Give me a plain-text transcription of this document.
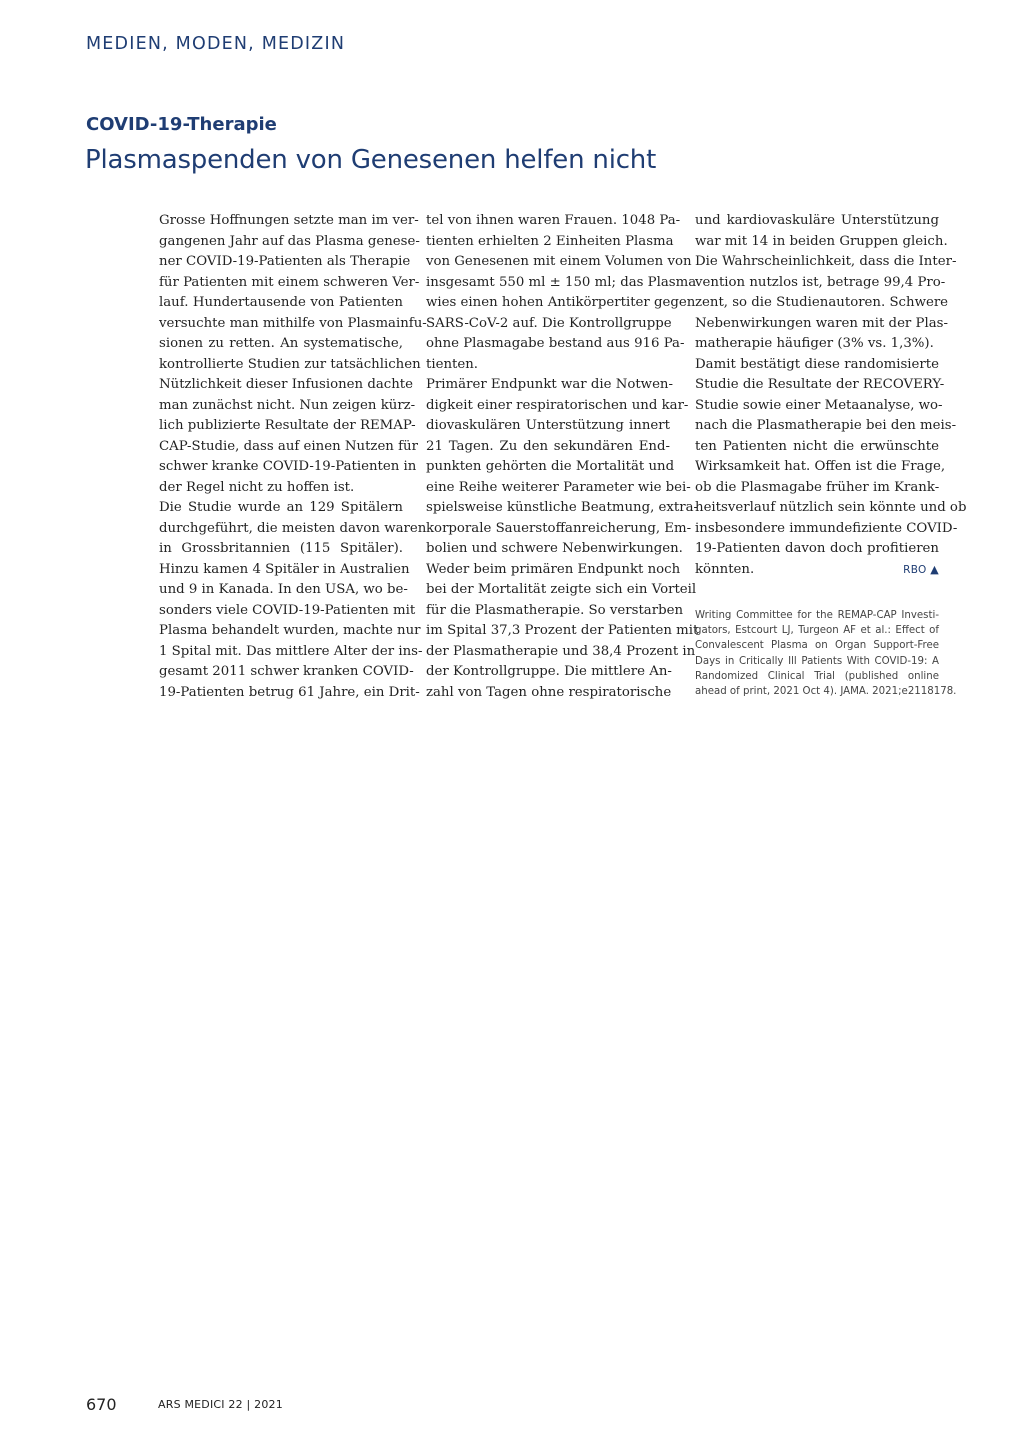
MEDIEN, MODEN, MEDIZIN
COVID-19-Therapie
Plasmaspenden von Genesenen helfen nicht

Grosse Hoffnungen setzte man im ver-
gangenen Jahr auf das Plasma genese-
ner COVID-19-Patienten als Therapie
für Patienten mit einem schweren Ver-
lauf. Hundertausende von Patienten
versuchte man mithilfe von Plasmainfu-
sionen zu retten. An systematische,
kontrollierte Studien zur tatsächlichen
Nützlichkeit dieser Infusionen dachte
man zunächst nicht. Nun zeigen kürz-
lich publizierte Resultate der REMAP-
CAP-Studie, dass auf einen Nutzen für
schwer kranke COVID-19-Patienten in
der Regel nicht zu hoffen ist.
Die Studie wurde an 129 Spitälern
durchgeführt, die meisten davon waren
in Grossbritannien (115 Spitäler).
Hinzu kamen 4 Spitäler in Australien
und 9 in Kanada. In den USA, wo be-
sonders viele COVID-19-Patienten mit
Plasma behandelt wurden, machte nur
1 Spital mit. Das mittlere Alter der ins-
gesamt 2011 schwer kranken COVID-
19-Patienten betrug 61 Jahre, ein Drit-

tel von ihnen waren Frauen. 1048 Pa-
tienten erhielten 2 Einheiten Plasma
von Genesenen mit einem Volumen von
insgesamt 550 ml ± 150 ml; das Plasma
wies einen hohen Antikörpertiter gegen
SARS-CoV-2 auf. Die Kontrollgruppe
ohne Plasmagabe bestand aus 916 Pa-
tienten.
Primärer Endpunkt war die Notwen-
digkeit einer respiratorischen und kar-
diovaskulären Unterstützung innert
21 Tagen. Zu den sekundären End-
punkten gehörten die Mortalität und
eine Reihe weiterer Parameter wie bei-
spielsweise künstliche Beatmung, extra-
korporale Sauerstoffanreicherung, Em-
bolien und schwere Nebenwirkungen.
Weder beim primären Endpunkt noch
bei der Mortalität zeigte sich ein Vorteil
für die Plasmatherapie. So verstarben
im Spital 37,3 Prozent der Patienten mit
der Plasmatherapie und 38,4 Prozent in
der Kontrollgruppe. Die mittlere An-
zahl von Tagen ohne respiratorische

und kardiovaskuläre Unterstützung
war mit 14 in beiden Gruppen gleich.
Die Wahrscheinlichkeit, dass die Inter-
vention nutzlos ist, betrage 99,4 Pro-
zent, so die Studienautoren. Schwere
Nebenwirkungen waren mit der Plas-
matherapie häufiger (3% vs. 1,3%).
Damit bestätigt diese randomisierte
Studie die Resultate der RECOVERY-
Studie sowie einer Metaanalyse, wo-
nach die Plasmatherapie bei den meis-
ten Patienten nicht die erwünschte
Wirksamkeit hat. Offen ist die Frage,
ob die Plasmagabe früher im Krank-
heitsverlauf nützlich sein könnte und ob
insbesondere immundefiziente COVID-
19-Patienten davon doch profitieren
könnten.	RBO ▲

Writing Committee for the REMAP-CAP Investi-
gators, Estcourt LJ, Turgeon AF et al.: Effect of
Convalescent Plasma on Organ Support-Free
Days in Critically Ill Patients With COVID-19: A
Randomized Clinical Trial (published online
ahead of print, 2021 Oct 4). JAMA. 2021;e2118178.
670	ARS MEDICI 22 | 2021
